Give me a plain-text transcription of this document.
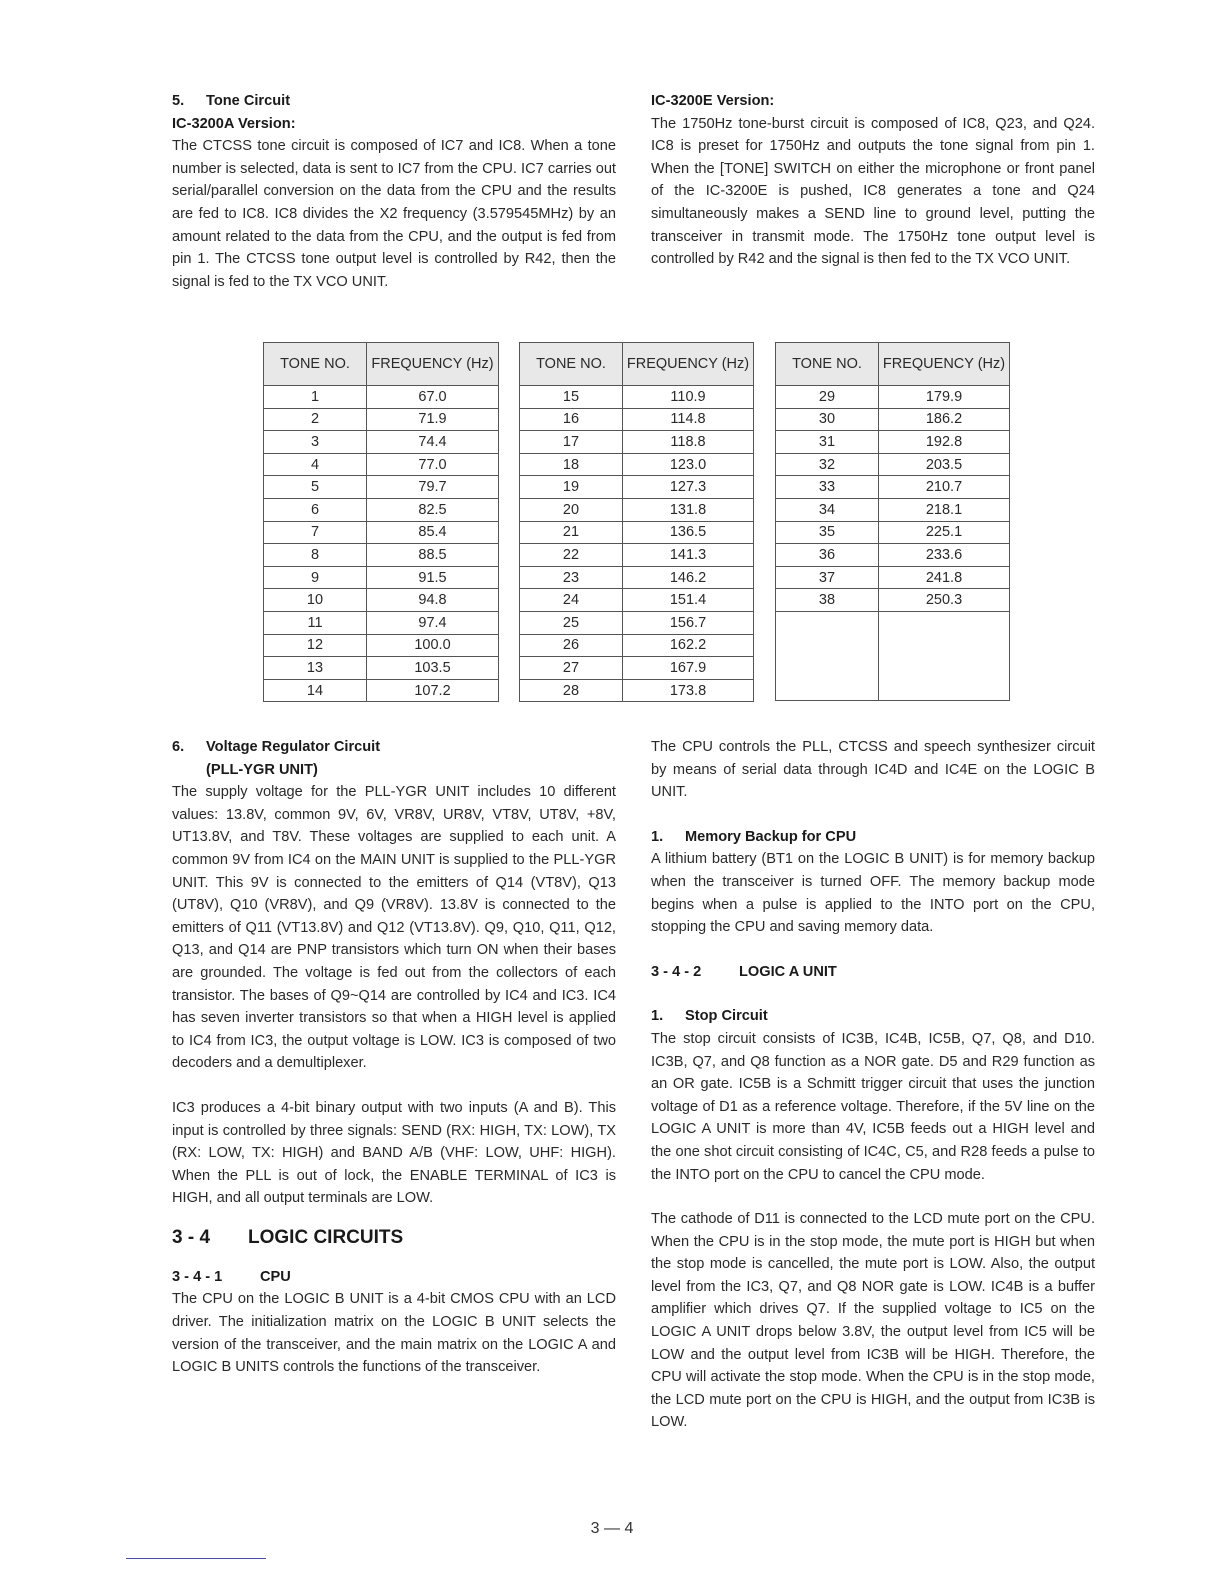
5. Tone Circuit

IC-3200A Version:

The CTCSS tone circuit is composed of IC7 and IC8. When a tone number is selected, data is sent to IC7 from the CPU. IC7 carries out serial/parallel conversion on the data from the CPU and the results are fed to IC8. IC8 divides the X2 frequency (3.579545MHz) by an amount related to the data from the CPU, and the output is fed from pin 1. The CTCSS tone output level is controlled by R42, then the signal is fed to the TX VCO UNIT.

IC-3200E Version:

The 1750Hz tone-burst circuit is composed of IC8, Q23, and Q24. IC8 is preset for 1750Hz and outputs the tone signal from pin 1. When the [TONE] SWITCH on either the microphone or front panel of the IC-3200E is pushed, IC8 generates a tone and Q24 simultaneously makes a SEND line to ground level, putting the transceiver in transmit mode. The 1750Hz tone output level is controlled by R42 and the signal is then fed to the TX VCO UNIT.

TONE NO.	FREQUENCY (Hz)
1	67.0
2	71.9
3	74.4
4	77.0
5	79.7
6	82.5
7	85.4
8	88.5
9	91.5
10	94.8
11	97.4
12	100.0
13	103.5
14	107.2
TONE NO.	FREQUENCY (Hz)
15	110.9
16	114.8
17	118.8
18	123.0
19	127.3
20	131.8
21	136.5
22	141.3
23	146.2
24	151.4
25	156.7
26	162.2
27	167.9
28	173.8
TONE NO.	FREQUENCY (Hz)
29	179.9
30	186.2
31	192.8
32	203.5
33	210.7
34	218.1
35	225.1
36	233.6
37	241.8
38	250.3

6. Voltage Regulator Circuit

(PLL-YGR UNIT)

The supply voltage for the PLL-YGR UNIT includes 10 different values: 13.8V, common 9V, 6V, VR8V, UR8V, VT8V, UT8V, +8V, UT13.8V, and T8V. These voltages are supplied to each unit. A common 9V from IC4 on the MAIN UNIT is supplied to the PLL-YGR UNIT. This 9V is connected to the emitters of Q14 (VT8V), Q13 (UT8V), Q10 (VR8V), and Q9 (VR8V). 13.8V is connected to the emitters of Q11 (VT13.8V) and Q12 (VT13.8V). Q9, Q10, Q11, Q12, Q13, and Q14 are PNP transistors which turn ON when their bases are grounded. The voltage is fed out from the collectors of each transistor. The bases of Q9~Q14 are controlled by IC4 and IC3. IC4 has seven inverter transistors so that when a HIGH level is applied to IC4 from IC3, the output voltage is LOW. IC3 is composed of two decoders and a demultiplexer.

IC3 produces a 4-bit binary output with two inputs (A and B). This input is controlled by three signals: SEND (RX: HIGH, TX: LOW), TX (RX: LOW, TX: HIGH) and BAND A/B (VHF: LOW, UHF: HIGH). When the PLL is out of lock, the ENABLE TERMINAL of IC3 is HIGH, and all output terminals are LOW.

3 - 4 LOGIC CIRCUITS

3 - 4 - 1	CPU

The CPU on the LOGIC B UNIT is a 4-bit CMOS CPU with an LCD driver. The initialization matrix on the LOGIC B UNIT selects the version of the transceiver, and the main matrix on the LOGIC A and LOGIC B UNITS controls the functions of the transceiver.

The CPU controls the PLL, CTCSS and speech synthesizer circuit by means of serial data through IC4D and IC4E on the LOGIC B UNIT.

1. Memory Backup for CPU

A lithium battery (BT1 on the LOGIC B UNIT) is for memory backup when the transceiver is turned OFF. The memory backup mode begins when a pulse is applied to the INTO port on the CPU, stopping the CPU and saving memory data.

3 - 4 - 2	LOGIC A UNIT

1. Stop Circuit

The stop circuit consists of IC3B, IC4B, IC5B, Q7, Q8, and D10. IC3B, Q7, and Q8 function as a NOR gate. D5 and R29 function as an OR gate. IC5B is a Schmitt trigger circuit that uses the junction voltage of D1 as a reference voltage. Therefore, if the 5V line on the LOGIC A UNIT is more than 4V, IC5B feeds out a HIGH level and the one shot circuit consisting of IC4C, C5, and R28 feeds a pulse to the INTO port on the CPU to cancel the CPU mode.

The cathode of D11 is connected to the LCD mute port on the CPU. When the CPU is in the stop mode, the mute port is HIGH but when the stop mode is cancelled, the mute port is LOW. Also, the output level from the IC3, Q7, and Q8 NOR gate is LOW. IC4B is a buffer amplifier which drives Q7. If the supplied voltage to IC5 on the LOGIC A UNIT drops below 3.8V, the output level from IC5 will be LOW and the output level from IC3B will be HIGH. Therefore, the CPU will activate the stop mode. When the CPU is in the stop mode, the LCD mute port on the CPU is HIGH, and the output from IC3B is LOW.

3 — 4
